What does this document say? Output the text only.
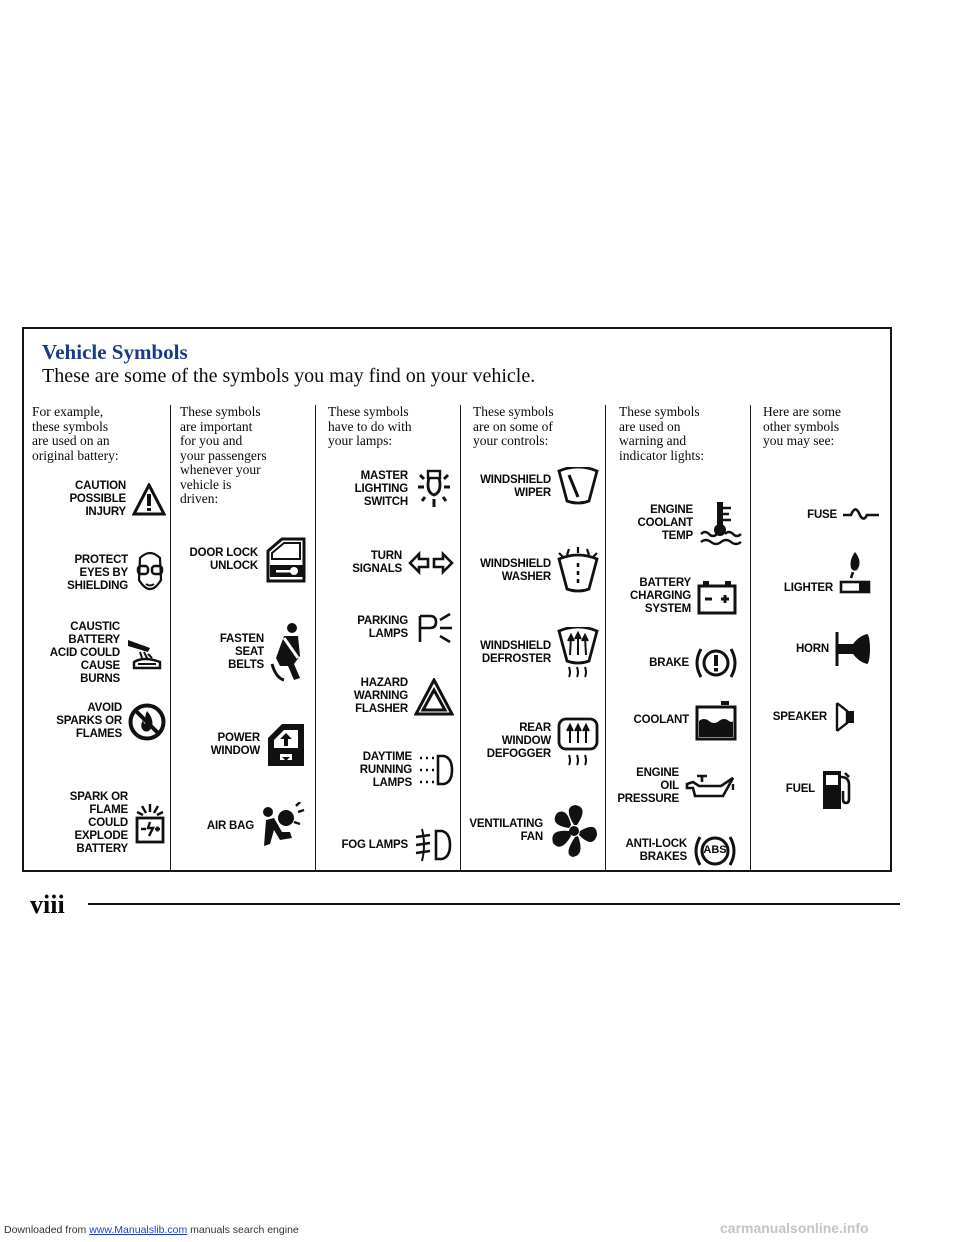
Vehicle Symbols
These are some of the symbols you may find on your vehicle.
For example,
these symbols
are used on an
original battery:
CAUTION
POSSIBLE
INJURY
PROTECT
EYES BY
SHIELDING
CAUSTIC
BATTERY
ACID COULD
CAUSE
BURNS
AVOID
SPARKS OR
FLAMES
SPARK OR
FLAME
COULD
EXPLODE
BATTERY
These symbols
are important
for you and
your passengers
whenever your
vehicle is
driven:
DOOR LOCK
UNLOCK
FASTEN
SEAT
BELTS
POWER
WINDOW
AIR BAG
These symbols
have to do with
your lamps:
MASTER
LIGHTING
SWITCH
TURN
SIGNALS
PARKING
LAMPS
HAZARD
WARNING
FLASHER
DAYTIME
RUNNING
LAMPS
FOG LAMPS
These symbols
are on some of
your controls:
WINDSHIELD
WIPER
WINDSHIELD
WASHER
WINDSHIELD
DEFROSTER
REAR
WINDOW
DEFOGGER
VENTILATING
FAN
These symbols
are used on
warning and
indicator lights:
ENGINE
COOLANT
TEMP
BATTERY
CHARGING
SYSTEM
BRAKE
COOLANT
ENGINE OIL
PRESSURE
ANTI-LOCK
BRAKES
ABS
Here are some
other symbols
you may see:
FUSE
LIGHTER
HORN
SPEAKER
FUEL
viii
Downloaded from www.Manualslib.com manuals search engine	carmanualsonline.info
